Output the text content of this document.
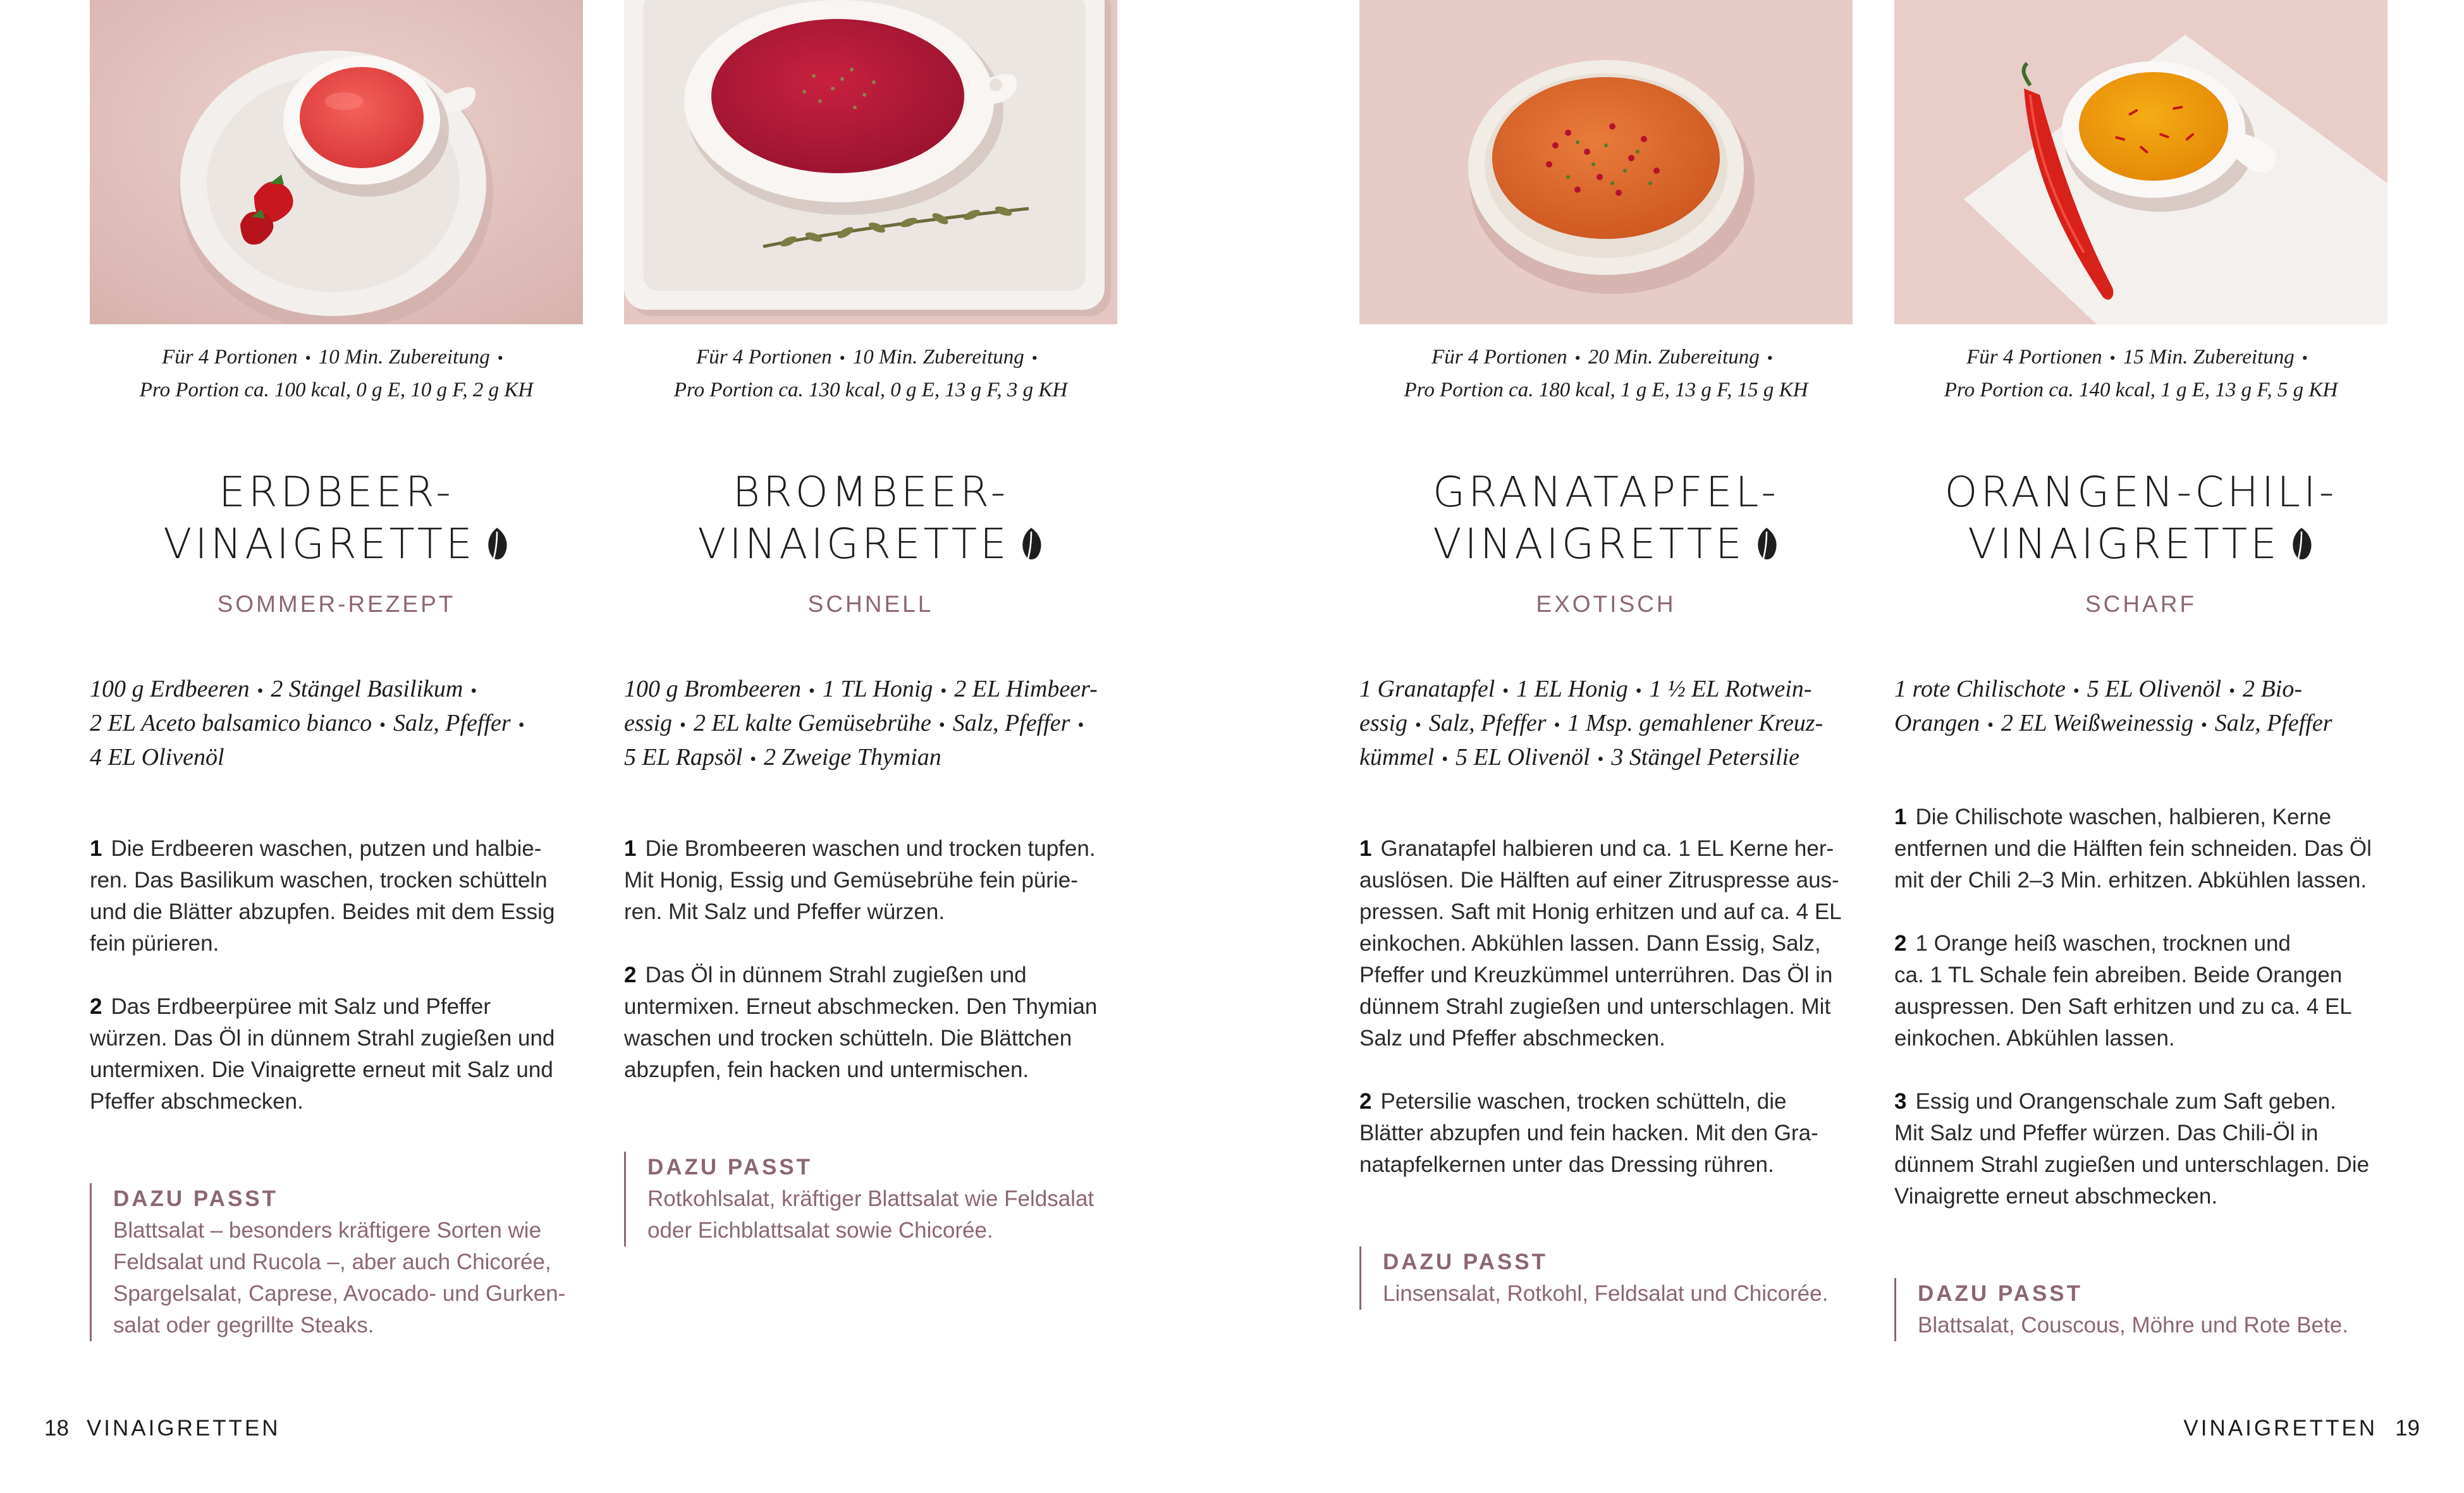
Für 4 Portionen • 10 Min. Zubereitung •
Pro Portion ca. 100 kcal, 0 g E, 10 g F, 2 g KH
ERDBEER-
VINAIGRETTE
SOMMER-REZEPT
100 g Erdbeeren • 2 Stängel Basilikum •
2 EL Aceto balsamico bianco • Salz, Pfeffer •
4 EL Olivenöl
1 Die Erdbeeren waschen, putzen und halbie-
ren. Das Basilikum waschen, trocken schütteln
und die Blätter abzupfen. Beides mit dem Essig
fein pürieren.
2 Das Erdbeerpüree mit Salz und Pfeffer
würzen. Das Öl in dünnem Strahl zugießen und
untermixen. Die Vinaigrette erneut mit Salz und
Pfeffer abschmecken.
DAZU PASST
Blattsalat – besonders kräftigere Sorten wie
Feldsalat und Rucola –, aber auch Chicorée,
Spargelsalat, Caprese, Avocado- und Gurken-
salat oder gegrillte Steaks.
Für 4 Portionen • 10 Min. Zubereitung •
Pro Portion ca. 130 kcal, 0 g E, 13 g F, 3 g KH
BROMBEER-
VINAIGRETTE
SCHNELL
100 g Brombeeren • 1 TL Honig • 2 EL Himbeer-
essig • 2 EL kalte Gemüsebrühe • Salz, Pfeffer •
5 EL Rapsöl • 2 Zweige Thymian
1 Die Brombeeren waschen und trocken tupfen.
Mit Honig, Essig und Gemüsebrühe fein pürie-
ren. Mit Salz und Pfeffer würzen.
2 Das Öl in dünnem Strahl zugießen und
untermixen. Erneut abschmecken. Den Thymian
waschen und trocken schütteln. Die Blättchen
abzupfen, fein hacken und untermischen.
DAZU PASST
Rotkohlsalat, kräftiger Blattsalat wie Feldsalat
oder Eichblattsalat sowie Chicorée.
Für 4 Portionen • 20 Min. Zubereitung •
Pro Portion ca. 180 kcal, 1 g E, 13 g F, 15 g KH
GRANATAPFEL-
VINAIGRETTE
EXOTISCH
1 Granatapfel • 1 EL Honig • 1 ½ EL Rotwein-
essig • Salz, Pfeffer • 1 Msp. gemahlener Kreuz-
kümmel • 5 EL Olivenöl • 3 Stängel Petersilie
1 Granatapfel halbieren und ca. 1 EL Kerne her-
auslösen. Die Hälften auf einer Zitruspresse aus-
pressen. Saft mit Honig erhitzen und auf ca. 4 EL
einkochen. Abkühlen lassen. Dann Essig, Salz,
Pfeffer und Kreuzkümmel unterrühren. Das Öl in
dünnem Strahl zugießen und unterschlagen. Mit
Salz und Pfeffer abschmecken.
2 Petersilie waschen, trocken schütteln, die
Blätter abzupfen und fein hacken. Mit den Gra-
natapfelkernen unter das Dressing rühren.
DAZU PASST
Linsensalat, Rotkohl, Feldsalat und Chicorée.
Für 4 Portionen • 15 Min. Zubereitung •
Pro Portion ca. 140 kcal, 1 g E, 13 g F, 5 g KH
ORANGEN-CHILI-
VINAIGRETTE
SCHARF
1 rote Chilischote • 5 EL Olivenöl • 2 Bio-
Orangen • 2 EL Weißweinessig • Salz, Pfeffer
1 Die Chilischote waschen, halbieren, Kerne
entfernen und die Hälften fein schneiden. Das Öl
mit der Chili 2–3 Min. erhitzen. Abkühlen lassen.
2 1 Orange heiß waschen, trocknen und
ca. 1 TL Schale fein abreiben. Beide Orangen
auspressen. Den Saft erhitzen und zu ca. 4 EL
einkochen. Abkühlen lassen.
3 Essig und Orangenschale zum Saft geben.
Mit Salz und Pfeffer würzen. Das Chili-Öl in
dünnem Strahl zugießen und unterschlagen. Die
Vinaigrette erneut abschmecken.
DAZU PASST
Blattsalat, Couscous, Möhre und Rote Bete.
18 VINAIGRETTEN	VINAIGRETTEN 19
